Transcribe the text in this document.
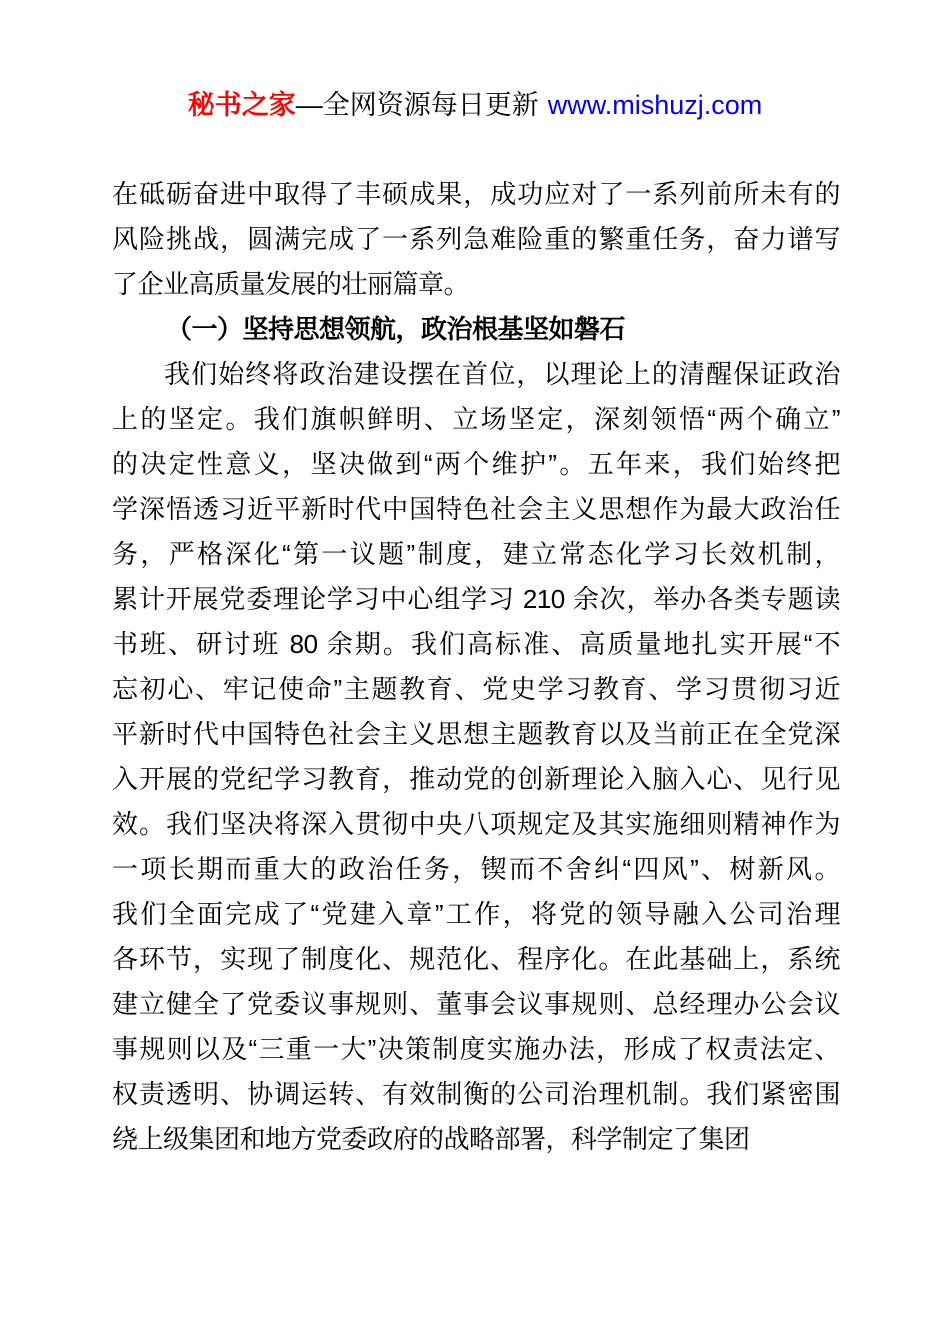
秘书之家—全网资源每日更新 www.mishuzj.com
在砥砺奋进中取得了丰硕成果，成功应对了一系列前所未有的
风险挑战，圆满完成了一系列急难险重的繁重任务，奋力谱写
了企业高质量发展的壮丽篇章。
（一）坚持思想领航，政治根基坚如磐石
我们始终将政治建设摆在首位，以理论上的清醒保证政治
上的坚定。我们旗帜鲜明、立场坚定，深刻领悟“两个确立”
的决定性意义，坚决做到“两个维护”。五年来，我们始终把
学深悟透习近平新时代中国特色社会主义思想作为最大政治任
务，严格深化“第一议题”制度，建立常态化学习长效机制，
累计开展党委理论学习中心组学习 210 余次，举办各类专题读
书班、研讨班 80 余期。我们高标准、高质量地扎实开展“不
忘初心、牢记使命”主题教育、党史学习教育、学习贯彻习近
平新时代中国特色社会主义思想主题教育以及当前正在全党深
入开展的党纪学习教育，推动党的创新理论入脑入心、见行见
效。我们坚决将深入贯彻中央八项规定及其实施细则精神作为
一项长期而重大的政治任务，锲而不舍纠“四风”、树新风。
我们全面完成了“党建入章”工作，将党的领导融入公司治理
各环节，实现了制度化、规范化、程序化。在此基础上，系统
建立健全了党委议事规则、董事会议事规则、总经理办公会议
事规则以及“三重一大”决策制度实施办法，形成了权责法定、
权责透明、协调运转、有效制衡的公司治理机制。我们紧密围
绕上级集团和地方党委政府的战略部署，科学制定了集团
